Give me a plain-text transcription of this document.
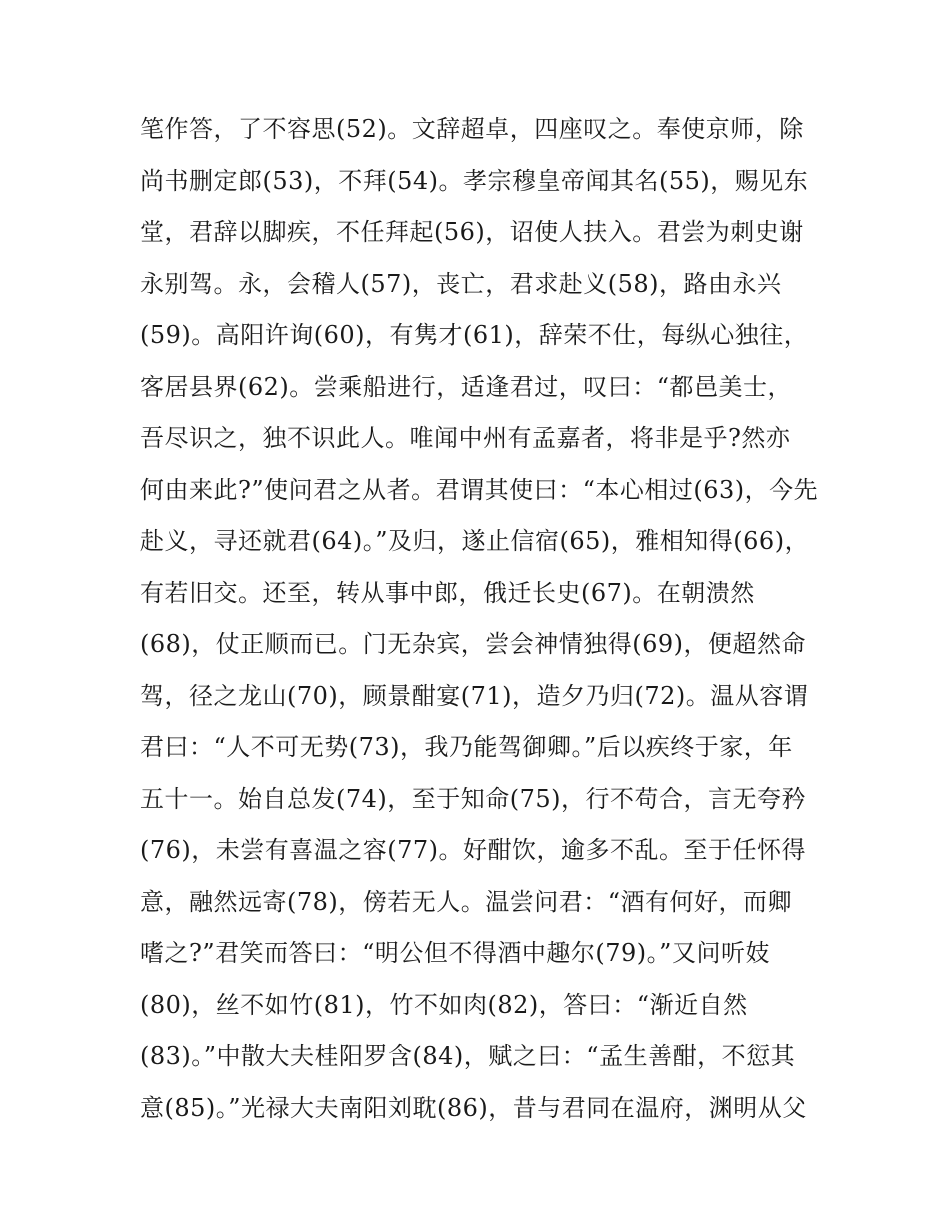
笔作答，了不容思(52)。文辞超卓，四座叹之。奉使京师，除
尚书删定郎(53)，不拜(54)。孝宗穆皇帝闻其名(55)，赐见东
堂，君辞以脚疾，不任拜起(56)，诏使人扶入。君尝为刺史谢
永别驾。永，会稽人(57)，丧亡，君求赴义(58)，路由永兴
(59)。高阳许询(60)，有隽才(61)，辞荣不仕，每纵心独往，
客居县界(62)。尝乘船进行，适逢君过，叹曰：“都邑美士，
吾尽识之，独不识此人。唯闻中州有孟嘉者，将非是乎?然亦
何由来此?”使问君之从者。君谓其使曰：“本心相过(63)，今先
赴义，寻还就君(64)。”及归，遂止信宿(65)，雅相知得(66)，
有若旧交。还至，转从事中郎，俄迁长史(67)。在朝溃然
(68)，仗正顺而已。门无杂宾，尝会神情独得(69)，便超然命
驾，径之龙山(70)，顾景酣宴(71)，造夕乃归(72)。温从容谓
君曰：“人不可无势(73)，我乃能驾御卿。”后以疾终于家，年
五十一。始自总发(74)，至于知命(75)，行不苟合，言无夸矜
(76)，未尝有喜温之容(77)。好酣饮，逾多不乱。至于任怀得
意，融然远寄(78)，傍若无人。温尝问君：“酒有何好，而卿
嗜之?”君笑而答曰：“明公但不得酒中趣尔(79)。”又问听妓
(80)，丝不如竹(81)，竹不如肉(82)，答曰：“渐近自然
(83)。”中散大夫桂阳罗含(84)，赋之曰：“孟生善酣，不愆其
意(85)。”光禄大夫南阳刘耽(86)，昔与君同在温府，渊明从父
